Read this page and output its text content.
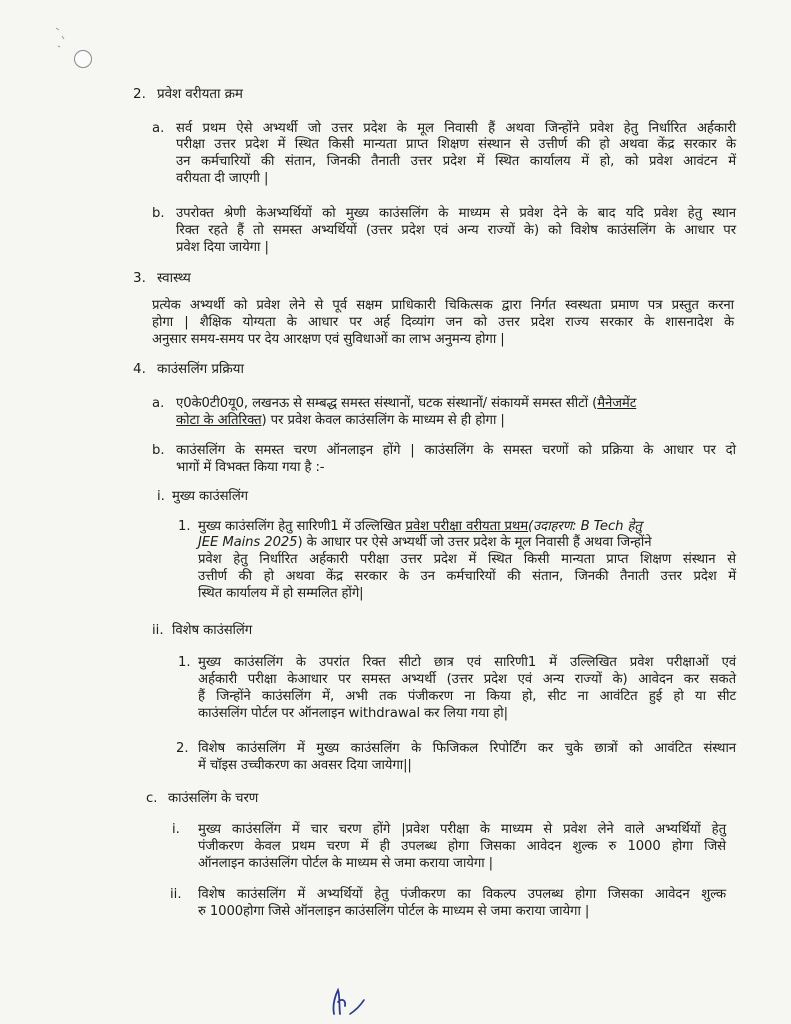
2. प्रवेश वरीयता क्रम
a. सर्व प्रथम ऐसे अभ्यर्थी जो उत्तर प्रदेश के मूल निवासी हैं अथवा जिन्होंने प्रवेश हेतु निर्धारित अर्हकारी
परीक्षा उत्तर प्रदेश में स्थित किसी मान्यता प्राप्त शिक्षण संस्थान से उत्तीर्ण की हो अथवा केंद्र सरकार के
उन कर्मचारियों की संतान, जिनकी तैनाती उत्तर प्रदेश में स्थित कार्यालय में हो, को प्रवेश आवंटन में
वरीयता दी जाएगी |
b. उपरोक्त श्रेणी केअभ्यर्थियों को मुख्य काउंसलिंग के माध्यम से प्रवेश देने के बाद यदि प्रवेश हेतु स्थान
रिक्त रहते हैं तो समस्त अभ्यर्थियों (उत्तर प्रदेश एवं अन्य राज्यों के) को विशेष काउंसलिंग के आधार पर
प्रवेश दिया जायेगा |
3. स्वास्थ्य
प्रत्येक अभ्यर्थी को प्रवेश लेने से पूर्व सक्षम प्राधिकारी चिकित्सक द्वारा निर्गत स्वस्थता प्रमाण पत्र प्रस्तुत करना
होगा | शैक्षिक योग्यता के आधार पर अर्ह दिव्यांग जन को उत्तर प्रदेश राज्य सरकार के शासनादेश के
अनुसार समय-समय पर देय आरक्षण एवं सुविधाओं का लाभ अनुमन्य होगा |
4. काउंसलिंग प्रक्रिया
a. ए0के0टी0यू0, लखनऊ से सम्बद्ध समस्त संस्थानों, घटक संस्थानों/ संकायमें समस्त सीटों (मैनेजमेंट
कोटा के अतिरिक्त) पर प्रवेश केवल काउंसलिंग के माध्यम से ही होगा |
b. काउंसलिंग के समस्त चरण ऑनलाइन होंगे | काउंसलिंग के समस्त चरणों को प्रक्रिया के आधार पर दो
भागों में विभक्त किया गया है :-
i. मुख्य काउंसलिंग
1. मुख्य काउंसलिंग हेतु सारिणी1 में उल्लिखित प्रवेश परीक्षा वरीयता प्रथम(उदाहरण: B Tech हेतु
JEE Mains 2025) के आधार पर ऐसे अभ्यर्थी जो उत्तर प्रदेश के मूल निवासी हैं अथवा जिन्होंने
प्रवेश हेतु निर्धारित अर्हकारी परीक्षा उत्तर प्रदेश में स्थित किसी मान्यता प्राप्त शिक्षण संस्थान से
उत्तीर्ण की हो अथवा केंद्र सरकार के उन कर्मचारियों की संतान, जिनकी तैनाती उत्तर प्रदेश में
स्थित कार्यालय में हो सम्मलित होंगे|
ii. विशेष काउंसलिंग
1. मुख्य काउंसलिंग के उपरांत रिक्त सीटो छात्र एवं सारिणी1 में उल्लिखित प्रवेश परीक्षाओं एवं
अर्हकारी परीक्षा केआधार पर समस्त अभ्यर्थी (उत्तर प्रदेश एवं अन्य राज्यों के) आवेदन कर सकते
हैं जिन्होंने काउंसलिंग में, अभी तक पंजीकरण ना किया हो, सीट ना आवंटित हुई हो या सीट
काउंसलिंग पोर्टल पर ऑनलाइन withdrawal कर लिया गया हो|
2. विशेष काउंसलिंग में मुख्य काउंसलिंग के फिजिकल रिपोर्टिंग कर चुके छात्रों को आवंटित संस्थान
में चॉइस उच्चीकरण का अवसर दिया जायेगा||
c. काउंसलिंग के चरण
i. मुख्य काउंसलिंग में चार चरण होंगे |प्रवेश परीक्षा के माध्यम से प्रवेश लेने वाले अभ्यर्थियों हेतु
पंजीकरण केवल प्रथम चरण में ही उपलब्ध होगा जिसका आवेदन शुल्क रु 1000 होगा जिसे
ऑनलाइन काउंसलिंग पोर्टल के माध्यम से जमा कराया जायेगा |
ii. विशेष काउंसलिंग में अभ्यर्थियों हेतु पंजीकरण का विकल्प उपलब्ध होगा जिसका आवेदन शुल्क
रु 1000होगा जिसे ऑनलाइन काउंसलिंग पोर्टल के माध्यम से जमा कराया जायेगा |
